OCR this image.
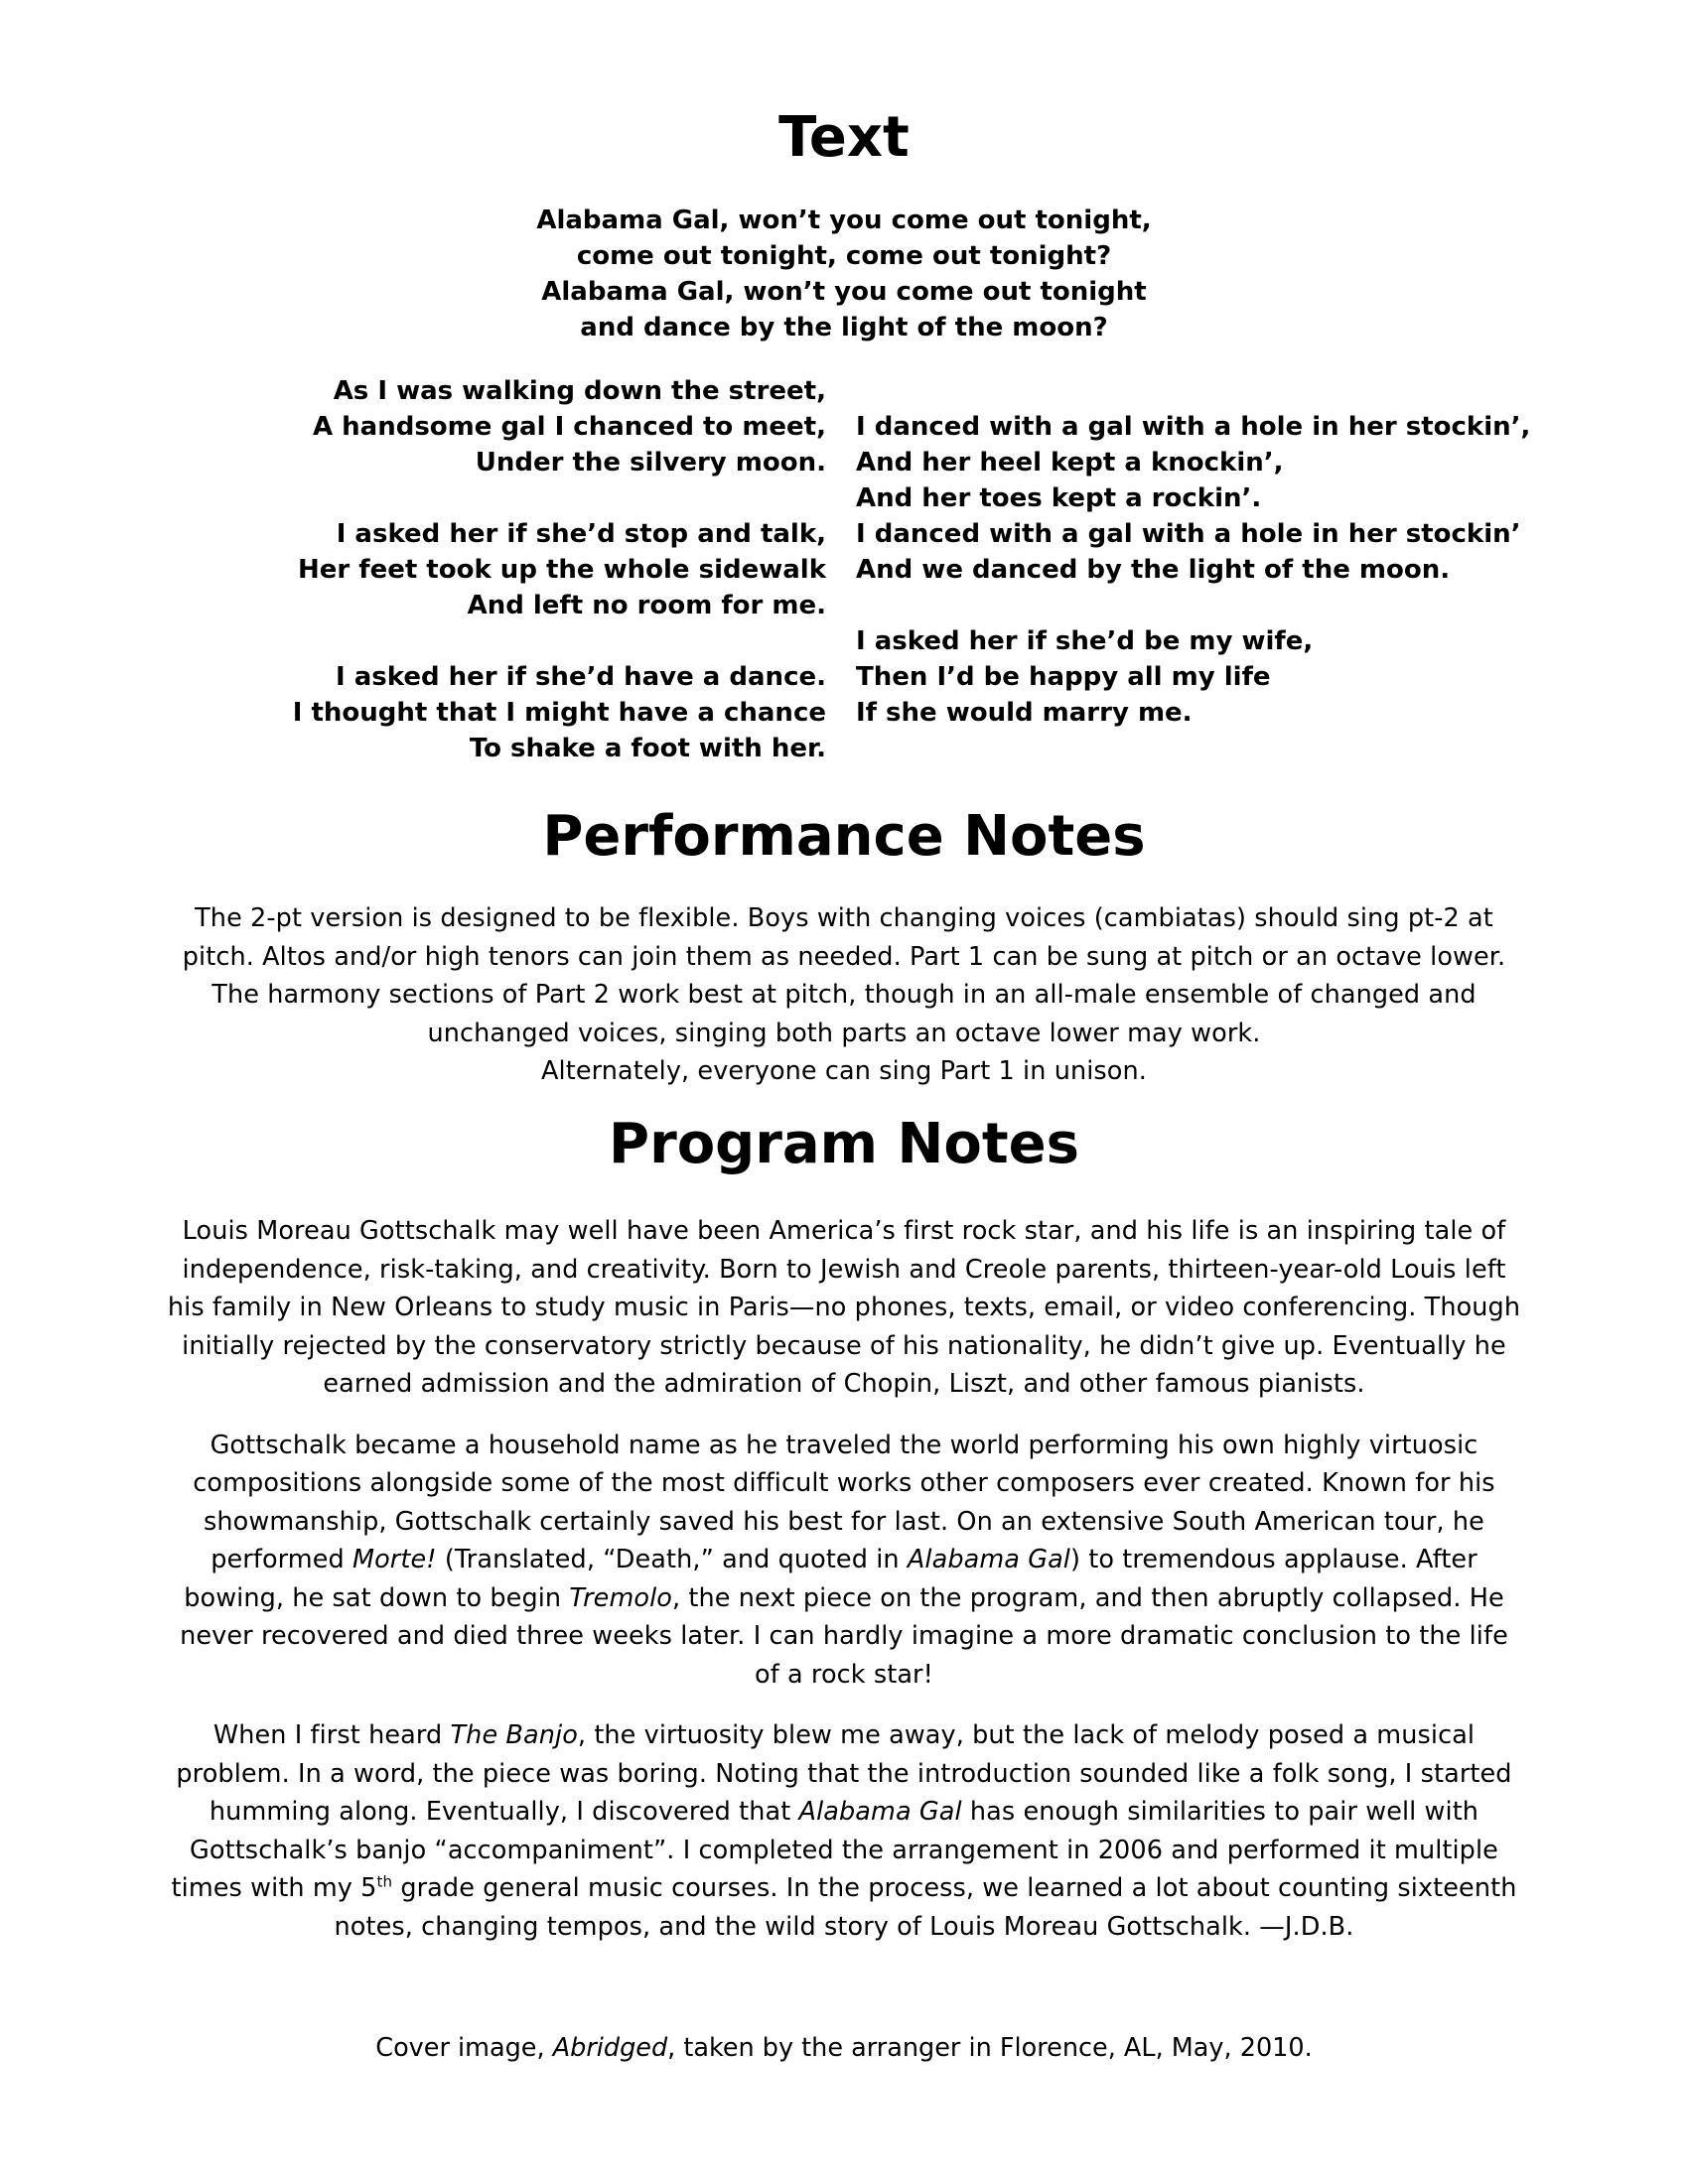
Text
Alabama Gal, won’t you come out tonight,
come out tonight, come out tonight?
Alabama Gal, won’t you come out tonight
and dance by the light of the moon?
As I was walking down the street,
A handsome gal I chanced to meet,
Under the silvery moon.
I asked her if she’d stop and talk,
Her feet took up the whole sidewalk
And left no room for me.
I asked her if she’d have a dance.
I thought that I might have a chance
To shake a foot with her.
I danced with a gal with a hole in her stockin’,
And her heel kept a knockin’,
And her toes kept a rockin’.
I danced with a gal with a hole in her stockin’
And we danced by the light of the moon.
I asked her if she’d be my wife,
Then I’d be happy all my life
If she would marry me.
Performance Notes

The 2-pt version is designed to be flexible. Boys with changing voices (cambiatas) should sing pt-2 at
pitch. Altos and/or high tenors can join them as needed. Part 1 can be sung at pitch or an octave lower.
The harmony sections of Part 2 work best at pitch, though in an all-male ensemble of changed and
unchanged voices, singing both parts an octave lower may work.
Alternately, everyone can sing Part 1 in unison.

Program Notes

Louis Moreau Gottschalk may well have been America’s first rock star, and his life is an inspiring tale of
independence, risk-taking, and creativity. Born to Jewish and Creole parents, thirteen-year-old Louis left
his family in New Orleans to study music in Paris—no phones, texts, email, or video conferencing. Though
initially rejected by the conservatory strictly because of his nationality, he didn’t give up. Eventually he
earned admission and the admiration of Chopin, Liszt, and other famous pianists.

Gottschalk became a household name as he traveled the world performing his own highly virtuosic
compositions alongside some of the most difficult works other composers ever created. Known for his
showmanship, Gottschalk certainly saved his best for last. On an extensive South American tour, he
performed Morte! (Translated, “Death,” and quoted in Alabama Gal) to tremendous applause. After
bowing, he sat down to begin Tremolo, the next piece on the program, and then abruptly collapsed. He
never recovered and died three weeks later. I can hardly imagine a more dramatic conclusion to the life
of a rock star!

When I first heard The Banjo, the virtuosity blew me away, but the lack of melody posed a musical
problem. In a word, the piece was boring. Noting that the introduction sounded like a folk song, I started
humming along. Eventually, I discovered that Alabama Gal has enough similarities to pair well with
Gottschalk’s banjo “accompaniment”. I completed the arrangement in 2006 and performed it multiple
times with my 5th grade general music courses. In the process, we learned a lot about counting sixteenth
notes, changing tempos, and the wild story of Louis Moreau Gottschalk. —J.D.B.

Cover image, Abridged, taken by the arranger in Florence, AL, May, 2010.
